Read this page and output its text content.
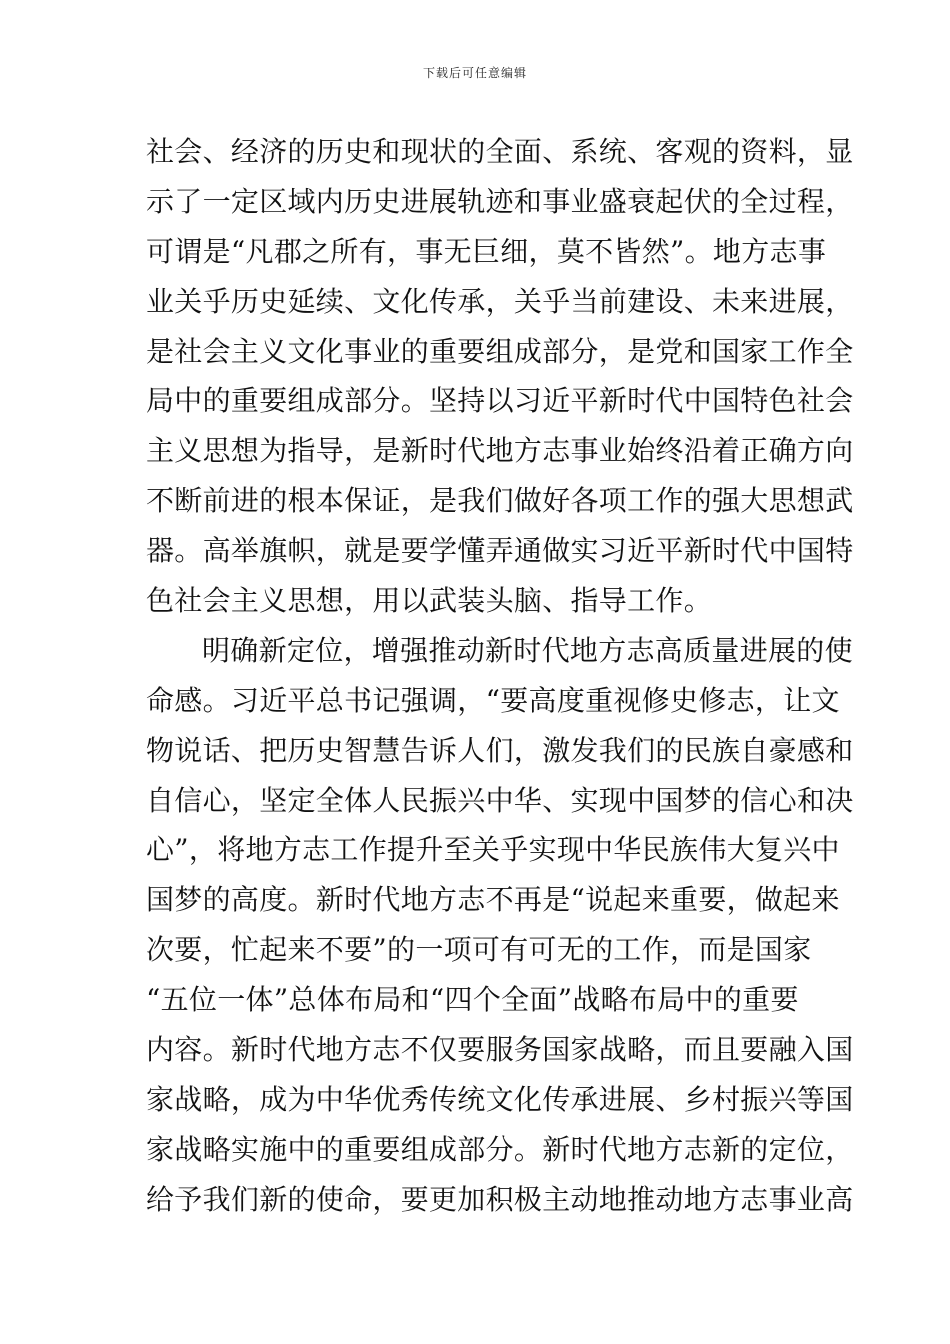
下载后可任意编辑
社会、经济的历史和现状的全面、系统、客观的资料，显
示了一定区域内历史进展轨迹和事业盛衰起伏的全过程，
可谓是“凡郡之所有，事无巨细，莫不皆然”。地方志事
业关乎历史延续、文化传承，关乎当前建设、未来进展，
是社会主义文化事业的重要组成部分，是党和国家工作全
局中的重要组成部分。坚持以习近平新时代中国特色社会
主义思想为指导，是新时代地方志事业始终沿着正确方向
不断前进的根本保证，是我们做好各项工作的强大思想武
器。高举旗帜，就是要学懂弄通做实习近平新时代中国特
色社会主义思想，用以武装头脑、指导工作。
明确新定位，增强推动新时代地方志高质量进展的使
命感。习近平总书记强调，“要高度重视修史修志，让文
物说话、把历史智慧告诉人们，激发我们的民族自豪感和
自信心，坚定全体人民振兴中华、实现中国梦的信心和决
心”，将地方志工作提升至关乎实现中华民族伟大复兴中
国梦的高度。新时代地方志不再是“说起来重要，做起来
次要，忙起来不要”的一项可有可无的工作，而是国家
“五位一体”总体布局和“四个全面”战略布局中的重要
内容。新时代地方志不仅要服务国家战略，而且要融入国
家战略，成为中华优秀传统文化传承进展、乡村振兴等国
家战略实施中的重要组成部分。新时代地方志新的定位，
给予我们新的使命，要更加积极主动地推动地方志事业高
